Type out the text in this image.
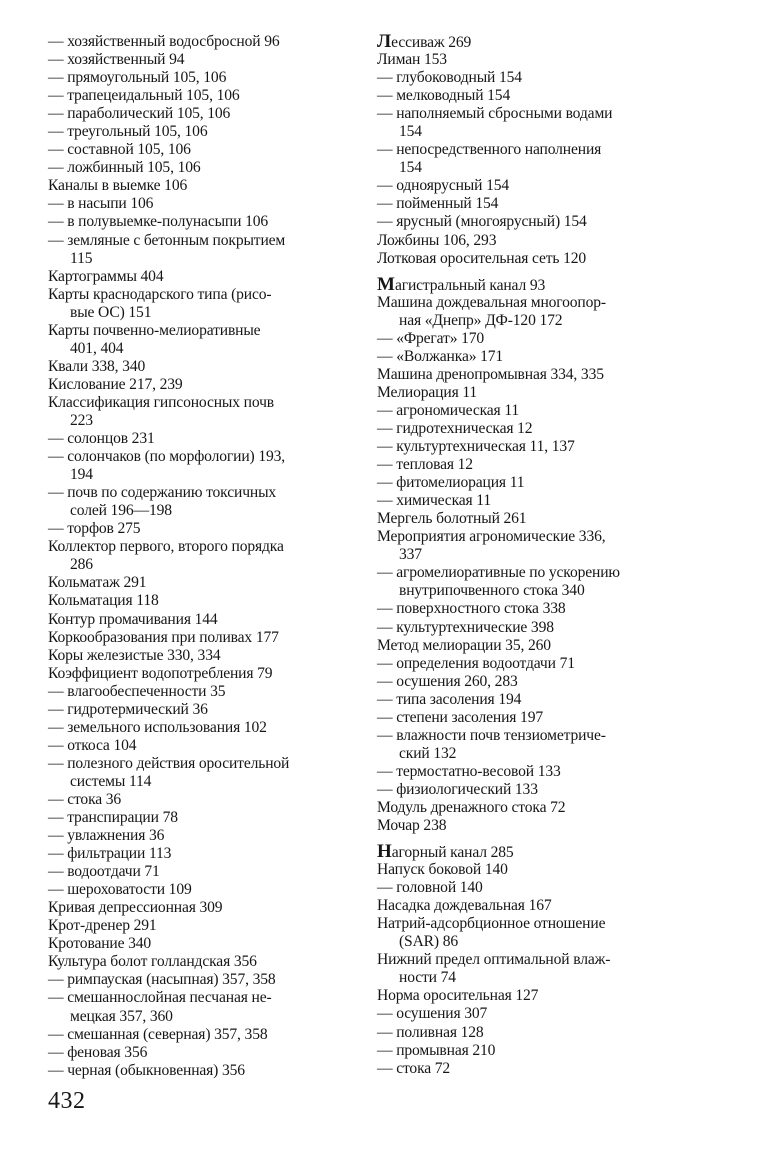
— хозяйственный водосбросной 96
— хозяйственный 94
— прямоугольный 105, 106
— трапецеидальный 105, 106
— параболический 105, 106
— треугольный 105, 106
— составной 105, 106
— ложбинный 105, 106
Каналы в выемке 106
— в насыпи 106
— в полувыемке-полунасыпи 106
— земляные с бетонным покрытием
115
Картограммы 404
Карты краснодарского типа (рисо-
вые ОС) 151
Карты почвенно-мелиоративные
401, 404
Квали 338, 340
Кислование 217, 239
Классификация гипсоносных почв
223
— солонцов 231
— солончаков (по морфологии) 193,
194
— почв по содержанию токсичных
солей 196—198
— торфов 275
Коллектор первого, второго порядка
286
Кольматаж 291
Кольматация 118
Контур промачивания 144
Коркообразования при поливах 177
Коры железистые 330, 334
Коэффициент водопотребления 79
— влагообеспеченности 35
— гидротермический 36
— земельного использования 102
— откоса 104
— полезного действия оросительной
системы 114
— стока 36
— транспирации 78
— увлажнения 36
— фильтрации 113
— водоотдачи 71
— шероховатости 109
Кривая депрессионная 309
Крот-дренер 291
Кротование 340
Культура болот голландская 356
— римпауская (насыпная) 357, 358
— смешаннослойная песчаная не-
мецкая 357, 360
— смешанная (северная) 357, 358
— феновая 356
— черная (обыкновенная) 356
Лессиваж 269
Лиман 153
— глубоководный 154
— мелководный 154
— наполняемый сбросными водами
154
— непосредственного наполнения
154
— одноярусный 154
— пойменный 154
— ярусный (многоярусный) 154
Ложбины 106, 293
Лотковая оросительная сеть 120
Магистральный канал 93
Машина дождевальная многоопор-
ная «Днепр» ДФ-120 172
— «Фрегат» 170
— «Волжанка» 171
Машина дренопромывная 334, 335
Мелиорация 11
— агрономическая 11
— гидротехническая 12
— культуртехническая 11, 137
— тепловая 12
— фитомелиорация 11
— химическая 11
Мергель болотный 261
Мероприятия агрономические 336,
337
— агромелиоративные по ускорению
внутрипочвенного стока 340
— поверхностного стока 338
— культуртехнические 398
Метод мелиорации 35, 260
— определения водоотдачи 71
— осушения 260, 283
— типа засоления 194
— степени засоления 197
— влажности почв тензиометриче-
ский 132
— термостатно-весовой 133
— физиологический 133
Модуль дренажного стока 72
Мочар 238
Нагорный канал 285
Напуск боковой 140
— головной 140
Насадка дождевальная 167
Натрий-адсорбционное отношение
(SAR) 86
Нижний предел оптимальной влаж-
ности 74
Норма оросительная 127
— осушения 307
— поливная 128
— промывная 210
— стока 72
432
